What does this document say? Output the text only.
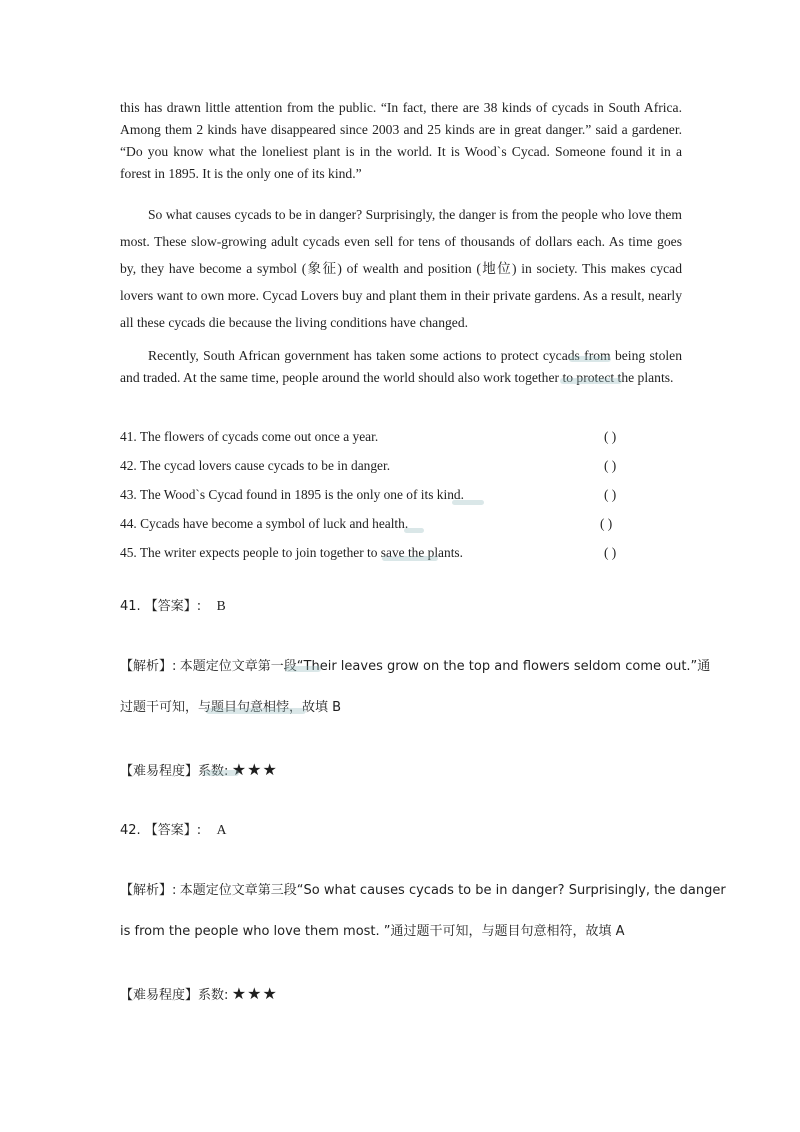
this has drawn little attention from the public. “In fact, there are 38 kinds of cycads in South Africa. Among them 2 kinds have disappeared since 2003 and 25 kinds are in great danger.” said a gardener. “Do you know what the loneliest plant is in the world. It is Wood`s Cycad. Someone found it in a forest in 1895. It is the only one of its kind.”

So what causes cycads to be in danger? Surprisingly, the danger is from the people who love them most. These slow-growing adult cycads even sell for tens of thousands of dollars each. As time goes by, they have become a symbol (象征) of wealth and position (地位) in society. This makes cycad lovers want to own more. Cycad Lovers buy and plant them in their private gardens. As a result, nearly all these cycads die because the living conditions have changed.

Recently, South African government has taken some actions to protect cycads from being stolen and traded. At the same time, people around the world should also work together to protect the plants.

41. The flowers of cycads come out once a year.	( )
42. The cycad lovers cause cycads to be in danger.	( )
43. The Wood`s Cycad found in 1895 is the only one of its kind.	( )
44. Cycads have become a symbol of luck and health.	( )
45. The writer expects people to join together to save the plants.	( )
41. 【答案】: B
【解析】: 本题定位文章第一段“Their leaves grow on the top and flowers seldom come out.”通
过题干可知，与题目句意相悖，故填 B
【难易程度】系数: ★★★
42. 【答案】: A
【解析】: 本题定位文章第三段“So what causes cycads to be in danger? Surprisingly, the danger
is from the people who love them most. ”通过题干可知，与题目句意相符，故填 A
【难易程度】系数: ★★★
